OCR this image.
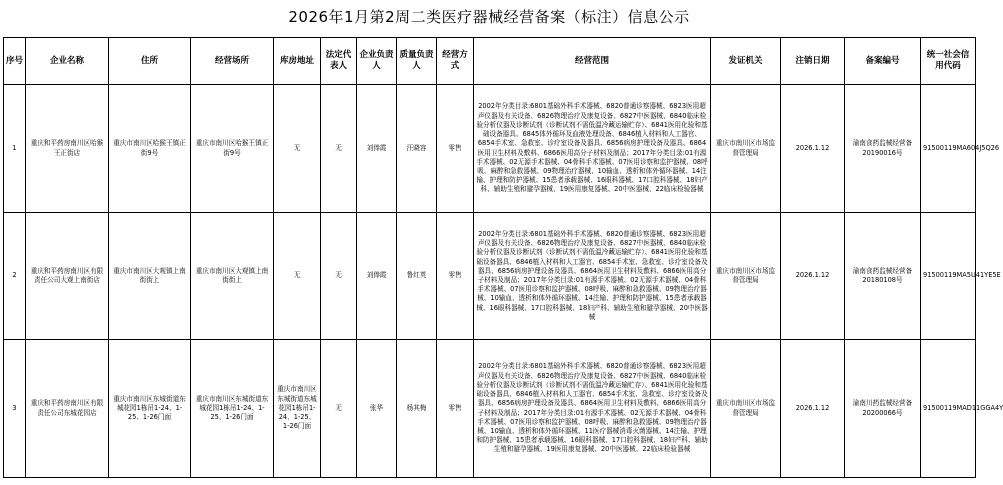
2026年1月第2周二类医疗器械经营备案（标注）信息公示
序号	企业名称	住所	经营场所	库房地址	法定代表人	企业负责人	质量负责人	经营方式	经营范围	发证机关	注销日期	备案编号	统一社会信用代码
1	重庆和平药房南川区哈猴王正街店	重庆市南川区哈猴王镇正街9号	重庆市南川区哈猴王镇正街9号	无	无	刘俸霞	汪晓容	零售	2002年分类目录:6801基础外科手术器械、6820普通诊察器械、6823医用超声仪器及有关设备、6826物理治疗及康复设备、6827中医器械、6840临床检验分析仪器及诊断试剂（诊断试剂不需低温冷藏运输贮存）、6841医用化验和基础设备器具、6845体外循环及血液处理设备、6846植入材料和人工器官、6854手术室、急救室、诊疗室设备及器具、6856病房护理设备及器具、6864医用卫生材料及敷料、6866医用高分子材料及制品；2017年分类目录:01有源手术器械、02无源手术器械、04骨科手术器械、07医用诊察和监护器械、08呼吸、麻醉和急救器械、09物理治疗器械、10输血、透析和体外循环器械、14注输、护理和防护器械、15患者承载器械、16眼科器械、17口腔科器械、18妇产科、辅助生殖和避孕器械、19医用康复器械、20中医器械、22临床检验器械	重庆市南川区市场监督管理局	2026.1.12	渝南食药监械经营备20190016号	91500119MA604J5Q26
2	重庆和平药房南川区有限责任公司大观上南街店	重庆市南川区大观镇上南街街上	重庆市南川区大观镇上南街街上	无	无	刘俸霞	鲁红英	零售	2002年分类目录:6801基础外科手术器械、6820普通诊察器械、6823医用超声仪器及有关设备、6826物理治疗及康复设备、6827中医器械、6840临床检验分析仪器及诊断试剂（诊断试剂不需低温冷藏运输贮存）、6841医用化验和基础设备器具、6846植入材料和人工器官、6854手术室、急救室、诊疗室设备及器具、6856病房护理设备及器具、6864医用卫生材料及敷料、6866医用高分子材料及制品；2017年分类目录:01有源手术器械、02无源手术器械、04骨科手术器械、07医用诊察和监护器械、08呼吸、麻醉和急救器械、09物理治疗器械、10输血、透析和体外循环器械、14注输、护理和防护器械、15患者承载器械、16眼科器械、17口腔科器械、18妇产科、辅助生殖和避孕器械、20中医器械	重庆市南川区市场监督管理局	2026.1.12	渝南食药监械经营备20180108号	91500119MA5U41YE5E
3	重庆和平药房南川区有限责任公司东城花园店	重庆市南川区东城街道东城花园1栋吊1-24、1-25、1-26门面	重庆市南川区东城街道东城花园1栋吊1-24、1-25、1-26门面	重庆市南川区东城街道东城花园1栋吊1-24、1-25、1-26门面	无	张华	杨其梅	零售	2002年分类目录:6801基础外科手术器械、6820普通诊察器械、6823医用超声仪器及有关设备、6826物理治疗及康复设备、6827中医器械、6840临床检验分析仪器及诊断试剂（诊断试剂不需低温冷藏运输贮存）、6841医用化验和基础设备器具、6846植入材料和人工器官、6854手术室、急救室、诊疗室设备及器具、6856病房护理设备及器具、6864医用卫生材料及敷料、6866医用高分子材料及制品；2017年分类目录:01有源手术器械、02无源手术器械、04骨科手术器械、07医用诊察和监护器械、08呼吸、麻醉和急救器械、09物理治疗器械、10输血、透析和体外循环器械、11医疗器械消毒灭菌器械、14注输、护理和防护器械、15患者承载器械、16眼科器械、17口腔科器械、18妇产科、辅助生殖和避孕器械、19医用康复器械、20中医器械、22临床检验器械	重庆市南川区市场监督管理局	2026.1.12	渝南川药监械经营备20200066号	91500119MAD11GGA4Y
